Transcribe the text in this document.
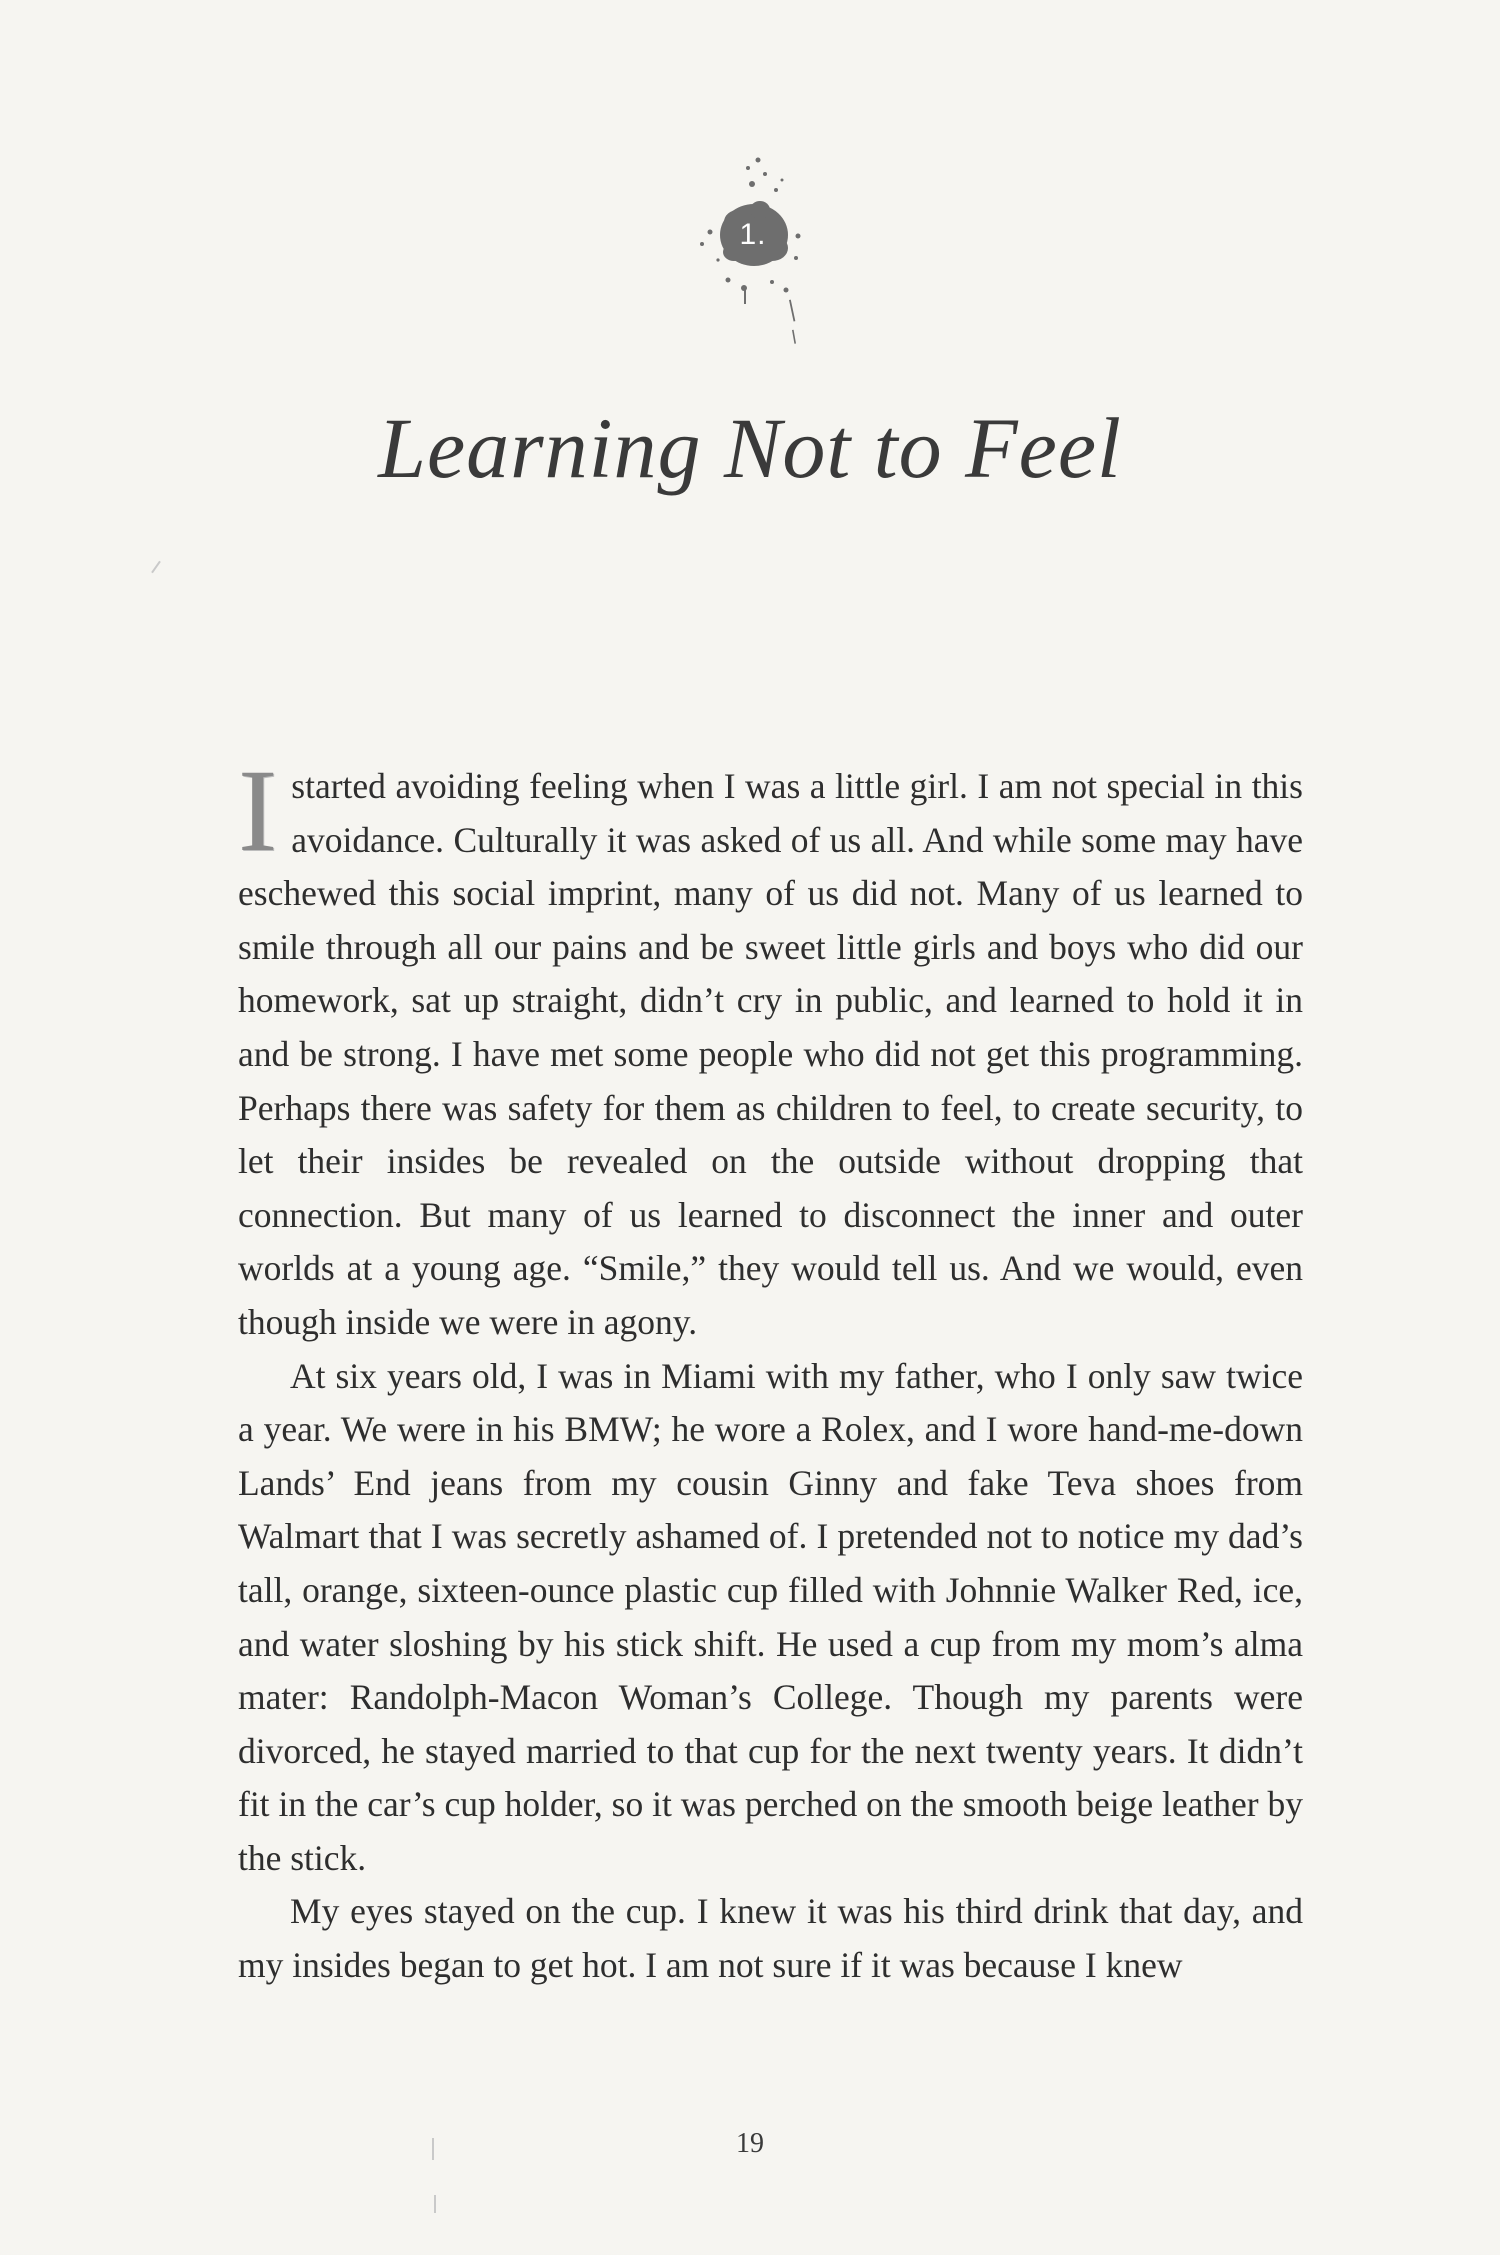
1.
Learning Not to Feel

I started avoiding feeling when I was a little girl. I am not special in this avoidance. Culturally it was asked of us all. And while some may have eschewed this social imprint, many of us did not. Many of us learned to smile through all our pains and be sweet little girls and boys who did our homework, sat up straight, didn’t cry in public, and learned to hold it in and be strong. I have met some people who did not get this programming. Perhaps there was safety for them as children to feel, to create security, to let their insides be revealed on the outside without dropping that connection. But many of us learned to disconnect the inner and outer worlds at a young age. “Smile,” they would tell us. And we would, even though inside we were in agony.

At six years old, I was in Miami with my father, who I only saw twice a year. We were in his BMW; he wore a Rolex, and I wore hand-me-down Lands’ End jeans from my cousin Ginny and fake Teva shoes from Walmart that I was secretly ashamed of. I pretended not to notice my dad’s tall, orange, sixteen-ounce plastic cup filled with Johnnie Walker Red, ice, and water sloshing by his stick shift. He used a cup from my mom’s alma mater: Randolph-Macon Woman’s College. Though my parents were divorced, he stayed married to that cup for the next twenty years. It didn’t fit in the car’s cup holder, so it was perched on the smooth beige leather by the stick.

My eyes stayed on the cup. I knew it was his third drink that day, and my insides began to get hot. I am not sure if it was because I knew

19
